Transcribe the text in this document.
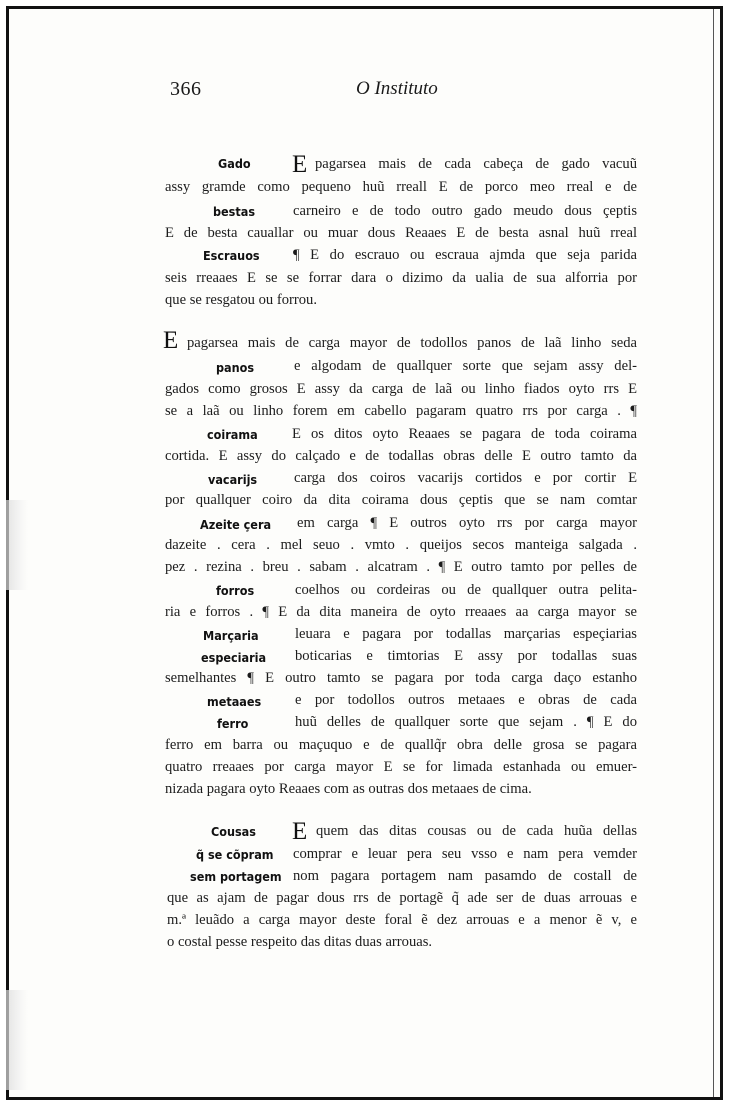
366	O Instituto
E
Gado
bestas
Escrauos
pagarsea mais de cada cabeça de gado vacuũ
assy gramde como pequeno huũ rreall E de porco meo rreal e de
carneiro e de todo outro gado meudo dous çeptis
E de besta cauallar ou muar dous Reaaes E de besta asnal huũ rreal
¶ E do escrauo ou escraua ajmda que seja parida
seis rreaaes E se se forrar dara o dizimo da ualia de sua alforria por
que se resgatou ou forrou.
E pagarsea mais de carga mayor de todollos panos de laã linho seda
panos	e algodam de quallquer sorte que sejam assy del-
gados como grosos E assy da carga de laã ou linho fiados oyto rrs E
se a laã ou linho forem em cabello pagaram quatro rrs por carga . ¶
coirama E os ditos oyto Reaaes se pagara de toda coirama
cortida. E assy do calçado e de todallas obras delle E outro tamto da
vacarijs	carga dos coiros vacarijs cortidos e por cortir E
por quallquer coiro da dita coirama dous çeptis que se nam comtar
Azeite çera em carga ¶ E outros oyto rrs por carga mayor
dazeite . cera . mel seuo . vmto . queijos secos manteiga salgada .
pez . rezina . breu . sabam . alcatram . ¶ E outro tamto por pelles de
forros	coelhos ou cordeiras ou de quallquer outra pelita-
ria e forros . ¶ E da dita maneira de oyto rreaaes aa carga mayor se
Marçaria leuara e pagara por todallas marçarias espeçiarias
especiaria boticarias e timtorias E assy por todallas suas
semelhantes ¶ E outro tamto se pagara por toda carga daço estanho
metaaes e por todollos outros metaaes e obras de cada
ferro	huũ delles de quallquer sorte que sejam . ¶ E do
ferro em barra ou maçuquo e de quallq̃r obra delle grosa se pagara
quatro rreaaes por carga mayor E se for limada estanhada ou emuer-
nizada pagara oyto Reaaes com as outras dos metaaes de cima.
E
Cousas	quem das ditas cousas ou de cada huũa dellas
q̃ se cõpram comprar e leuar pera seu vsso e nam pera vemder
sem portagem nom pagara portagem nam pasamdo de costall de
que as ajam de pagar dous rrs de portagẽ q̃ ade ser de duas arrouas e
m.ª leuãdo a carga mayor deste foral ẽ dez arrouas e a menor ẽ v, e
o costal pesse respeito das ditas duas arrouas.
